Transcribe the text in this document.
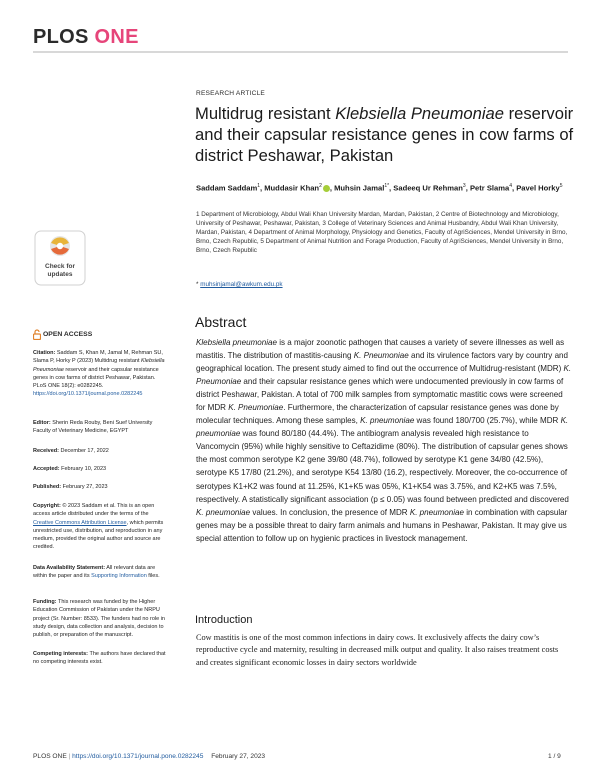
PLOS ONE
RESEARCH ARTICLE
Multidrug resistant Klebsiella Pneumoniae reservoir and their capsular resistance genes in cow farms of district Peshawar, Pakistan
Saddam Saddam$^1$, Muddasir Khan$^2$ , Muhsin Jamal$^{1*}$, Sadeeq Ur Rehman$^3$, Petr Slama$^4$, Pavel Horky$^5$
1 Department of Microbiology, Abdul Wali Khan University Mardan, Mardan, Pakistan, 2 Centre of Biotechnology and Microbiology, University of Peshawar, Peshawar, Pakistan, 3 College of Veterinary Sciences and Animal Husbandry, Abdul Wali Khan University, Mardan, Pakistan, 4 Department of Animal Morphology, Physiology and Genetics, Faculty of AgriSciences, Mendel University in Brno, Brno, Czech Republic, 5 Department of Animal Nutrition and Forage Production, Faculty of AgriSciences, Mendel University in Brno, Brno, Czech Republic
* muhsinjamal@awkum.edu.pk
Check for
updates
OPEN ACCESS
Citation: Saddam S, Khan M, Jamal M, Rehman SU, Slama P, Horky P (2023) Multidrug resistant Klebsiella Pneumoniae reservoir and their capsular resistance genes in cow farms of district Peshawar, Pakistan. PLoS ONE 18(2): e0282245. https://doi.org/10.1371/journal.pone.0282245
Editor: Sherin Reda Rouby, Beni Suef University Faculty of Veterinary Medicine, EGYPT
Received: December 17, 2022
Accepted: February 10, 2023
Published: February 27, 2023
Copyright: © 2023 Saddam et al. This is an open access article distributed under the terms of the Creative Commons Attribution License, which permits unrestricted use, distribution, and reproduction in any medium, provided the original author and source are credited.
Data Availability Statement: All relevant data are within the paper and its Supporting Information files.
Funding: This research was funded by the Higher Education Commission of Pakistan under the NRPU project (Sr. Number: 8533). The funders had no role in study design, data collection and analysis, decision to publish, or preparation of the manuscript.
Competing interests: The authors have declared that no competing interests exist.
Abstract
Klebsiella pneumoniae is a major zoonotic pathogen that causes a variety of severe illnesses as well as mastitis. The distribution of mastitis-causing K. Pneumoniae and its virulence factors vary by country and geographical location. The present study aimed to find out the occurrence of Multidrug-resistant (MDR) K. Pneumoniae and their capsular resistance genes which were undocumented previously in cow farms of district Peshawar, Pakistan. A total of 700 milk samples from symptomatic mastitic cows were screened for MDR K. Pneumoniae. Furthermore, the characterization of capsular resistance genes was done by molecular techniques. Among these samples, K. pneumoniae was found 180/700 (25.7%), while MDR K. pneumoniae was found 80/180 (44.4%). The antibiogram analysis revealed high resistance to Vancomycin (95%) while highly sensitive to Ceftazidime (80%). The distribution of capsular genes shows the most common serotype K2 gene 39/80 (48.7%), followed by serotype K1 gene 34/80 (42.5%), serotype K5 17/80 (21.2%), and serotype K54 13/80 (16.2), respectively. Moreover, the co-occurrence of serotypes K1+K2 was found at 11.25%, K1+K5 was 05%, K1+K54 was 3.75%, and K2+K5 was 7.5%, respectively. A statistically significant association (p ≤ 0.05) was found between predicted and discovered K. pneumoniae values. In conclusion, the presence of MDR K. pneumoniae in combination with capsular genes may be a possible threat to dairy farm animals and humans in Peshawar, Pakistan. It may give us special attention to follow up on hygienic practices in livestock management.
Introduction
Cow mastitis is one of the most common infections in dairy cows. It exclusively affects the dairy cow’s reproductive cycle and maternity, resulting in decreased milk output and quality. It also raises treatment costs and creates significant economic losses in dairy sectors worldwide
PLOS ONE | https://doi.org/10.1371/journal.pone.0282245 February 27, 2023	1 / 9
